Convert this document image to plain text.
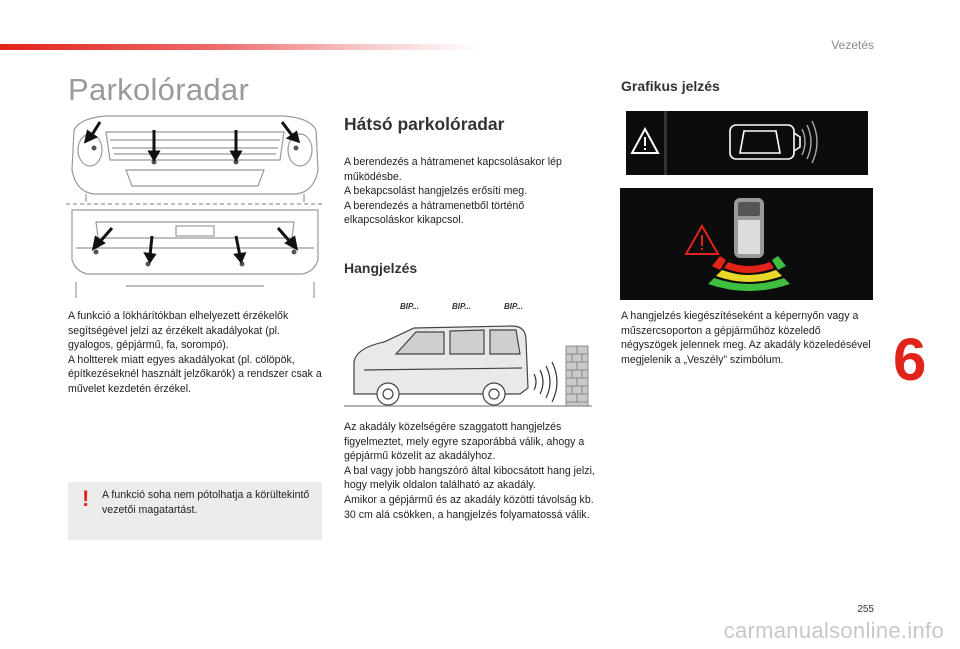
Vezetés
Parkolóradar
A funkció a lökhárítókban elhelyezett érzékelők segítségével jelzi az érzékelt akadályokat (pl. gyalogos, gépjármű, fa, sorompó).
A holtterek miatt egyes akadályokat (pl. cölöpök, építkezéseknél használt jelzőkarók) a rendszer csak a művelet kezdetén érzékel.
! A funkció soha nem pótolhatja a körültekintő vezetői magatartást.
Hátsó parkolóradar
A berendezés a hátramenet kapcsolásakor lép működésbe.
A bekapcsolást hangjelzés erősíti meg.
A berendezés a hátramenetből történő elkapcsoláskor kikapcsol.
Hangjelzés
BIP...	BIP...	BIP...
Az akadály közelségére szaggatott hangjelzés figyelmeztet, mely egyre szaporábbá válik, ahogy a gépjármű közelít az akadályhoz.
A bal vagy jobb hangszóró által kibocsátott hang jelzi, hogy melyik oldalon található az akadály.
Amikor a gépjármű és az akadály közötti távolság kb. 30 cm alá csökken, a hangjelzés folyamatossá válik.
Grafikus jelzés
A hangjelzés kiegészítéseként a képernyőn vagy a műszercsoporton a gépjárműhöz közeledő négyszögek jelennek meg. Az akadály közeledésével megjelenik a „Veszély” szimbólum.	6
255
carmanualsonline.info
